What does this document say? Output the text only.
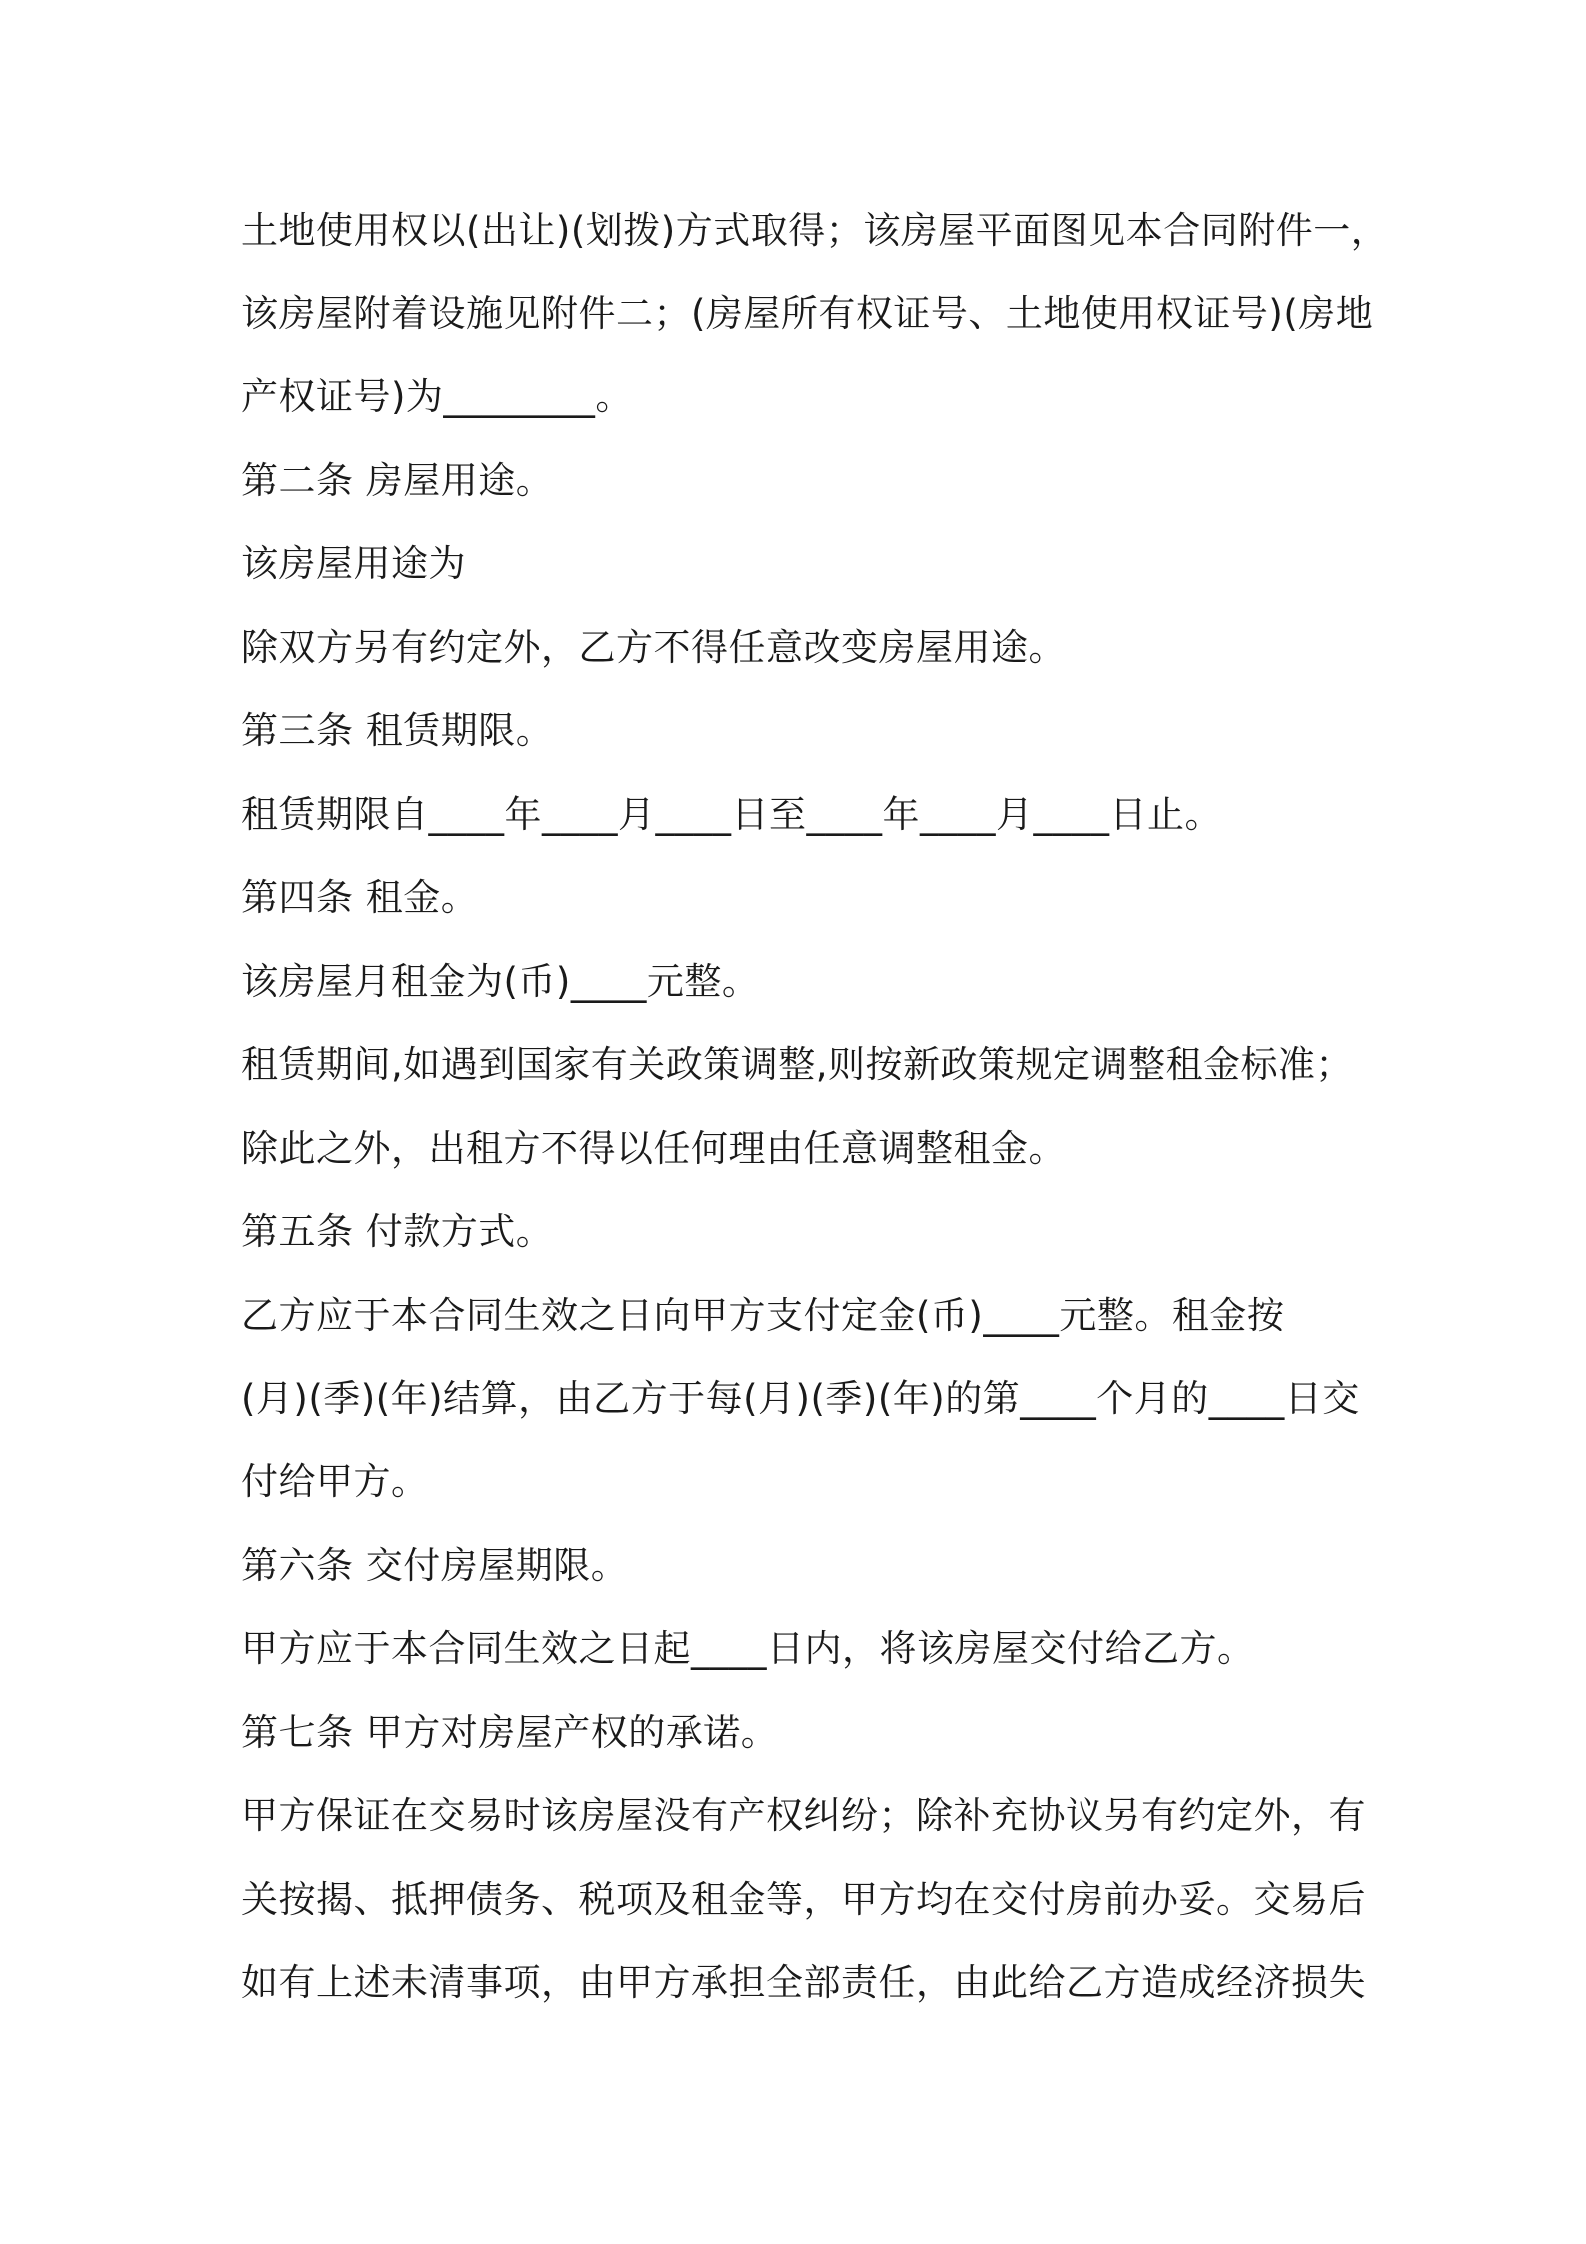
土地使用权以(出让)(划拨)方式取得；该房屋平面图见本合同附件一，
该房屋附着设施见附件二；(房屋所有权证号、土地使用权证号)(房地
产权证号)为________。
第二条 房屋用途。
该房屋用途为
除双方另有约定外，乙方不得任意改变房屋用途。
第三条 租赁期限。
租赁期限自____年____月____日至____年____月____日止。
第四条 租金。
该房屋月租金为(币)____元整。
租赁期间,如遇到国家有关政策调整,则按新政策规定调整租金标准；
除此之外，出租方不得以任何理由任意调整租金。
第五条 付款方式。
乙方应于本合同生效之日向甲方支付定金(币)____元整。租金按
(月)(季)(年)结算，由乙方于每(月)(季)(年)的第____个月的____日交
付给甲方。
第六条 交付房屋期限。
甲方应于本合同生效之日起____日内，将该房屋交付给乙方。
第七条 甲方对房屋产权的承诺。
甲方保证在交易时该房屋没有产权纠纷；除补充协议另有约定外，有
关按揭、抵押债务、税项及租金等，甲方均在交付房前办妥。交易后
如有上述未清事项，由甲方承担全部责任，由此给乙方造成经济损失
